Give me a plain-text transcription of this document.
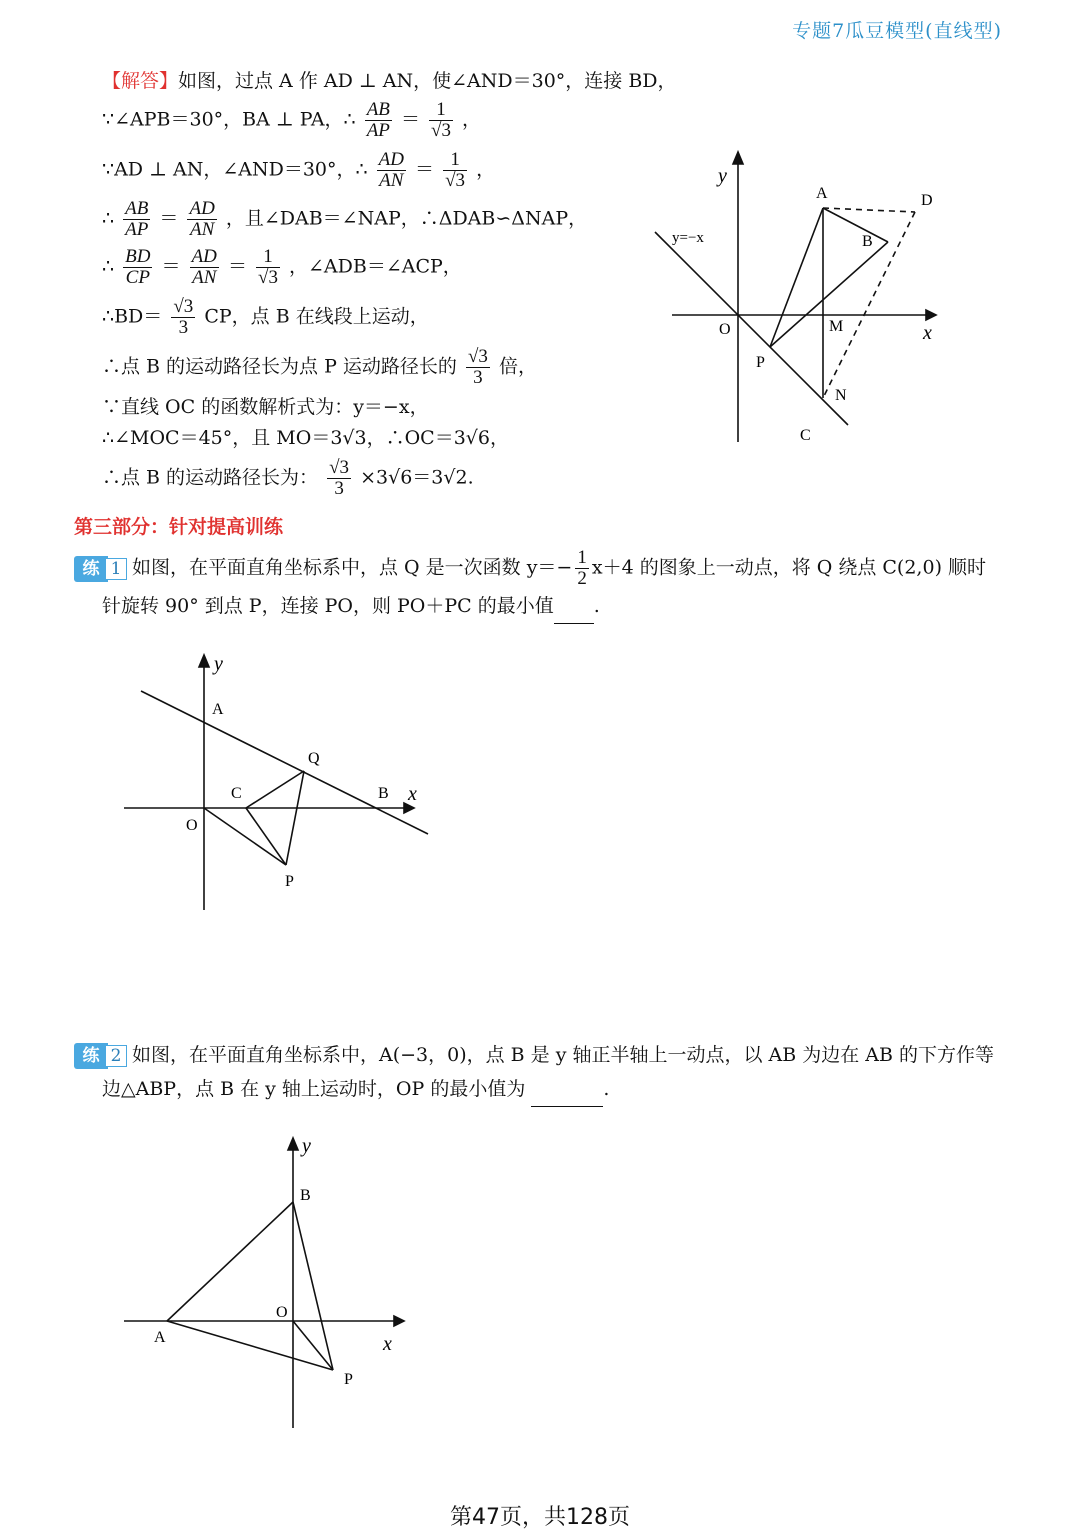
专题7瓜豆模型(直线型)
【解答】如图，过点 A 作 AD ⊥ AN，使∠AND＝30°，连接 BD，
∵∠APB＝30°，BA ⊥ PA，∴ $\frac{AB}{AP} = \frac{1}{√3}$ ，
∵AD ⊥ AN，∠AND＝30°，∴ $\frac{AD}{AN} = \frac{1}{√3}$ ，
∴ $\frac{AB}{AP} = \frac{AD}{AN}$ ，且∠DAB＝∠NAP，∴ΔDAB∽ΔNAP，
∴ $\frac{BD}{CP} = \frac{AD}{AN} = \frac{1}{√3}$ ，∠ADB＝∠ACP，
∴BD＝ $\frac{√3}{3}$ CP，点 B 在线段上运动，
∴点 B 的运动路径长为点 P 运动路径长的 $\frac{√3}{3}$ 倍，
∵直线 OC 的函数解析式为：y＝−x，
∴∠MOC＝45°，且 MO＝3√3，∴OC＝3√6，
∴点 B 的运动路径长为： $\frac{√3}{3} \times 3√6=3√2$.
y
x
O
A	D
B
M
P
N
C
y=−x
第三部分：针对提高训练
练 1 如图，在平面直角坐标系中，点 Q 是一次函数 $y=- \frac{1}{2} x+4$ 的图象上一动点，将 Q 绕点 C(2,0) 顺时
针旋转 90° 到点 P，连接 PO，则 PO＋PC 的最小值 .
y
x
A
Q
C	B
O
P
练 2 如图，在平面直角坐标系中，A(−3，0)，点 B 是 y 轴正半轴上一动点，以 AB 为边在 AB 的下方作等
边△ABP，点 B 在 y 轴上运动时，OP 的最小值为	.
y
x
B
O
A
P
第47页，共128页
